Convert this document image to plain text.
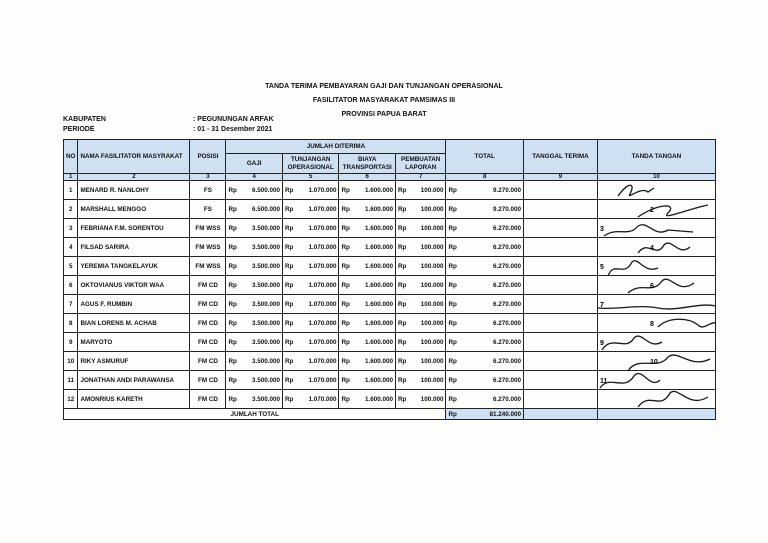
TANDA TERIMA PEMBAYARAN GAJI DAN TUNJANGAN OPERASIONAL
FASILITATOR MASYARAKAT PAMSIMAS III
PROVINSI PAPUA BARAT
KABUPATEN	: PEGUNUNGAN ARFAK
PERIODE	: 01 - 31 Desember 2021
NO	NAMA FASILITATOR MASYRAKAT	POSISI	JUMLAH DITERIMA								TOTAL		TANGGAL TERIMA	TANDA TANGAN
			GAJI		TUNJANGAN OPERASIONAL		BIAYA TRANSPORTASI		PEMBUATAN LAPORAN					
1	2	3	4		5		6		7		8		9	10
1	MENARD R. NANLOHY	FS	Rp	6.500.000	Rp	1.070.000	Rp	1.600.000	Rp	100.000	Rp	9.270.000		

2	MARSHALL MENGGO	FS	Rp	6.500.000	Rp	1.070.000	Rp	1.600.000	Rp	100.000	Rp	9.270.000		2

3	FEBRIANA F.M. SORENTOU	FM WSS	Rp	3.500.000	Rp	1.070.000	Rp	1.600.000	Rp	100.000	Rp	6.270.000		3

4	FILSAD SARIRA	FM WSS	Rp	3.500.000	Rp	1.070.000	Rp	1.600.000	Rp	100.000	Rp	6.270.000		4

5	YEREMIA TANGKELAYUK	FM WSS	Rp	3.500.000	Rp	1.070.000	Rp	1.600.000	Rp	100.000	Rp	6.270.000		5

6	OKTOVIANUS VIKTOR WAA	FM CD	Rp	3.500.000	Rp	1.070.000	Rp	1.600.000	Rp	100.000	Rp	6.270.000		6

7	AGUS F. RUMBIN	FM CD	Rp	3.500.000	Rp	1.070.000	Rp	1.600.000	Rp	100.000	Rp	6.270.000		7

8	BIAN LORENS M. ACHAB	FM CD	Rp	3.500.000	Rp	1.070.000	Rp	1.600.000	Rp	100.000	Rp	6.270.000		8

9	MARYOTO	FM CD	Rp	3.500.000	Rp	1.070.000	Rp	1.600.000	Rp	100.000	Rp	6.270.000		9

10	RIKY ASMURUF	FM CD	Rp	3.500.000	Rp	1.070.000	Rp	1.600.000	Rp	100.000	Rp	6.270.000		10

11	JONATHAN ANDI PARAWANSA	FM CD	Rp	3.500.000	Rp	1.070.000	Rp	1.600.000	Rp	100.000	Rp	6.270.000		11

12	AMONRIUS KARETH	FM CD	Rp	3.500.000	Rp	1.070.000	Rp	1.600.000	Rp	100.000	Rp	6.270.000		

JUMLAH TOTAL											Rp	81.240.000		
